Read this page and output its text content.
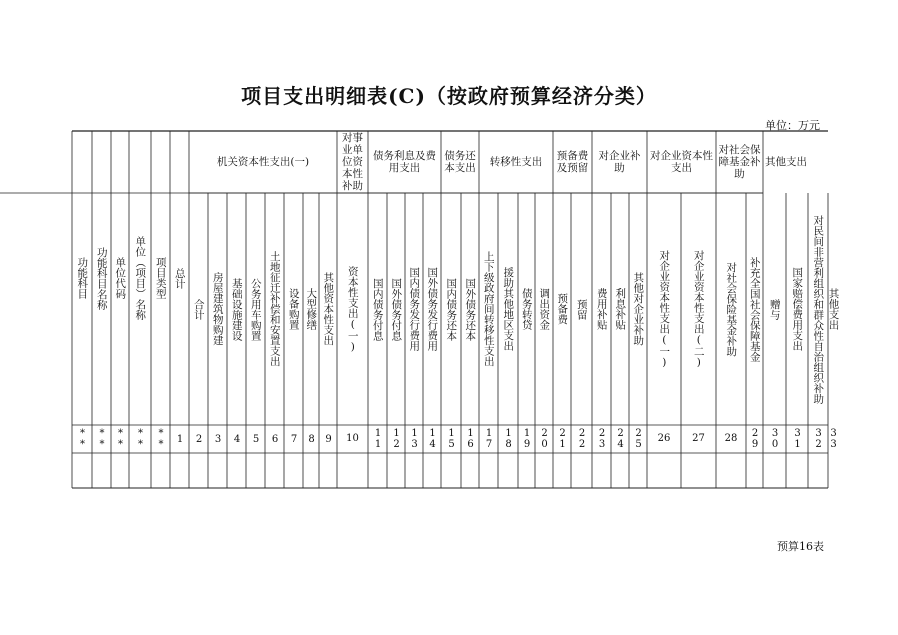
项目支出明细表(C)（按政府预算经济分类）
单位：万元
功能科目 功能科目名称 单位代码 单位（项目）名称 项目类型 总计
机关资本性支出(一)
对事业单位资本性补助
债务利息及费用支出
债务还本支出
转移性支出
预备费及预留
对企业补助
对企业资本性支出
对社会保障基金补助
其他支出
合计 房屋建筑物购建 基础设施建设 公务用车购置 土地征迁补偿和安置支出 设备购置 大型修缮 其他资本性支出 资本性支出(一) 国内债务付息 国外债务付息 国内债务发行费用 国外债务发行费用 国内债务还本 国外债务还本 上下级政府间转移性支出 援助其他地区支出 债务转贷 调出资金 预备费 预留 费用补贴 利息补贴 其他对企业补助 对企业资本性支出(一) 对企业资本性支出(二) 对社会保险基金补助 补充全国社会保障基金 赠与 国家赔偿费用支出 对民间非营利组织和群众性自治组织补助 其他支出
** ** ** ** ** 1 2 3 4 5 6 7 8 9 10 11 12 13 14 15 16 17 18 19 20 21 22 23 24 25 26 27 28 29 30 31 32 33
预算16表
